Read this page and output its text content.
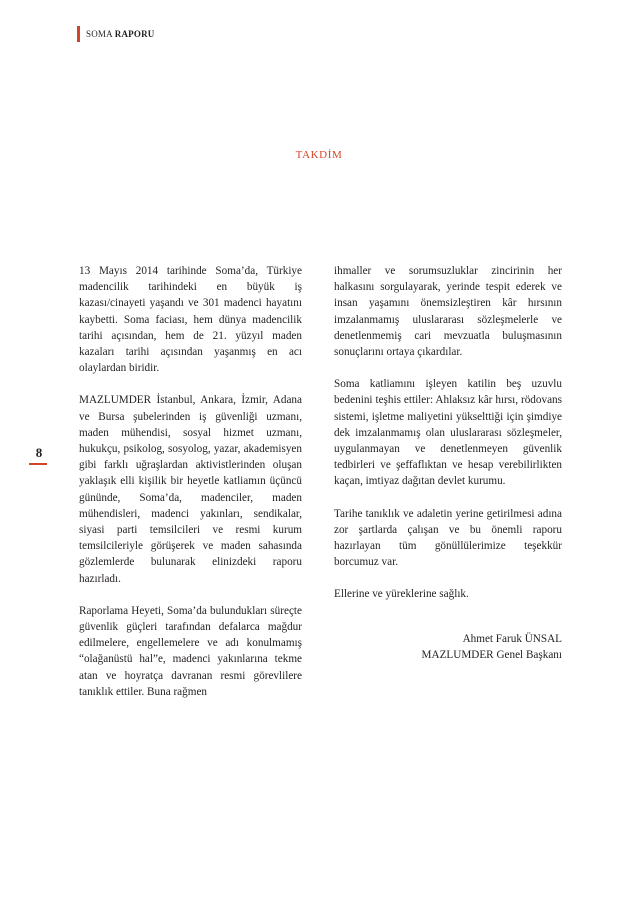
SOMA RAPORU
TAKDİM
8

13 Mayıs 2014 tarihinde Soma’da, Türkiye madencilik tarihindeki en büyük iş kazası/cinayeti yaşandı ve 301 madenci hayatını kaybetti. Soma faciası, hem dünya madencilik tarihi açısından, hem de 21. yüzyıl maden kazaları tarihi açısından yaşanmış en acı olaylardan biridir.

MAZLUMDER İstanbul, Ankara, İzmir, Adana ve Bursa şubelerinden iş güvenliği uzmanı, maden mühendisi, sosyal hizmet uzmanı, hukukçu, psikolog, sosyolog, yazar, akademisyen gibi farklı uğraşlardan aktivistlerinden oluşan yaklaşık elli kişilik bir heyetle katliamın üçüncü gününde, Soma’da, madenciler, maden mühendisleri, madenci yakınları, sendikalar, siyasi parti temsilcileri ve resmi kurum temsilcileriyle görüşerek ve maden sahasında gözlemlerde bulunarak elinizdeki raporu hazırladı.

Raporlama Heyeti, Soma’da bulundukları süreçte güvenlik güçleri tarafından defalarca mağdur edilmelere, engellemelere ve adı konulmamış “olağanüstü hal”e, madenci yakınlarına tekme atan ve hoyratça davranan resmi görevlilere tanıklık ettiler. Buna rağmen

ihmaller ve sorumsuzluklar zincirinin her halkasını sorgulayarak, yerinde tespit ederek ve insan yaşamını önemsizleştiren kâr hırsının imzalanmamış uluslararası sözleşmelerle ve denetlenmemiş cari mevzuatla buluşmasının sonuçlarını ortaya çıkardılar.

Soma katliamını işleyen katilin beş uzuvlu bedenini teşhis ettiler: Ahlaksız kâr hırsı, rödovans sistemi, işletme maliyetini yükselttiği için şimdiye dek imzalanmamış olan uluslararası sözleşmeler, uygulanmayan ve denetlenmeyen güvenlik tedbirleri ve şeffaflıktan ve hesap verebilirlikten kaçan, imtiyaz dağıtan devlet kurumu.

Tarihe tanıklık ve adaletin yerine getirilmesi adına zor şartlarda çalışan ve bu önemli raporu hazırlayan tüm gönüllülerimize teşekkür borcumuz var.

Ellerine ve yüreklerine sağlık.

Ahmet Faruk ÜNSAL
MAZLUMDER Genel Başkanı
